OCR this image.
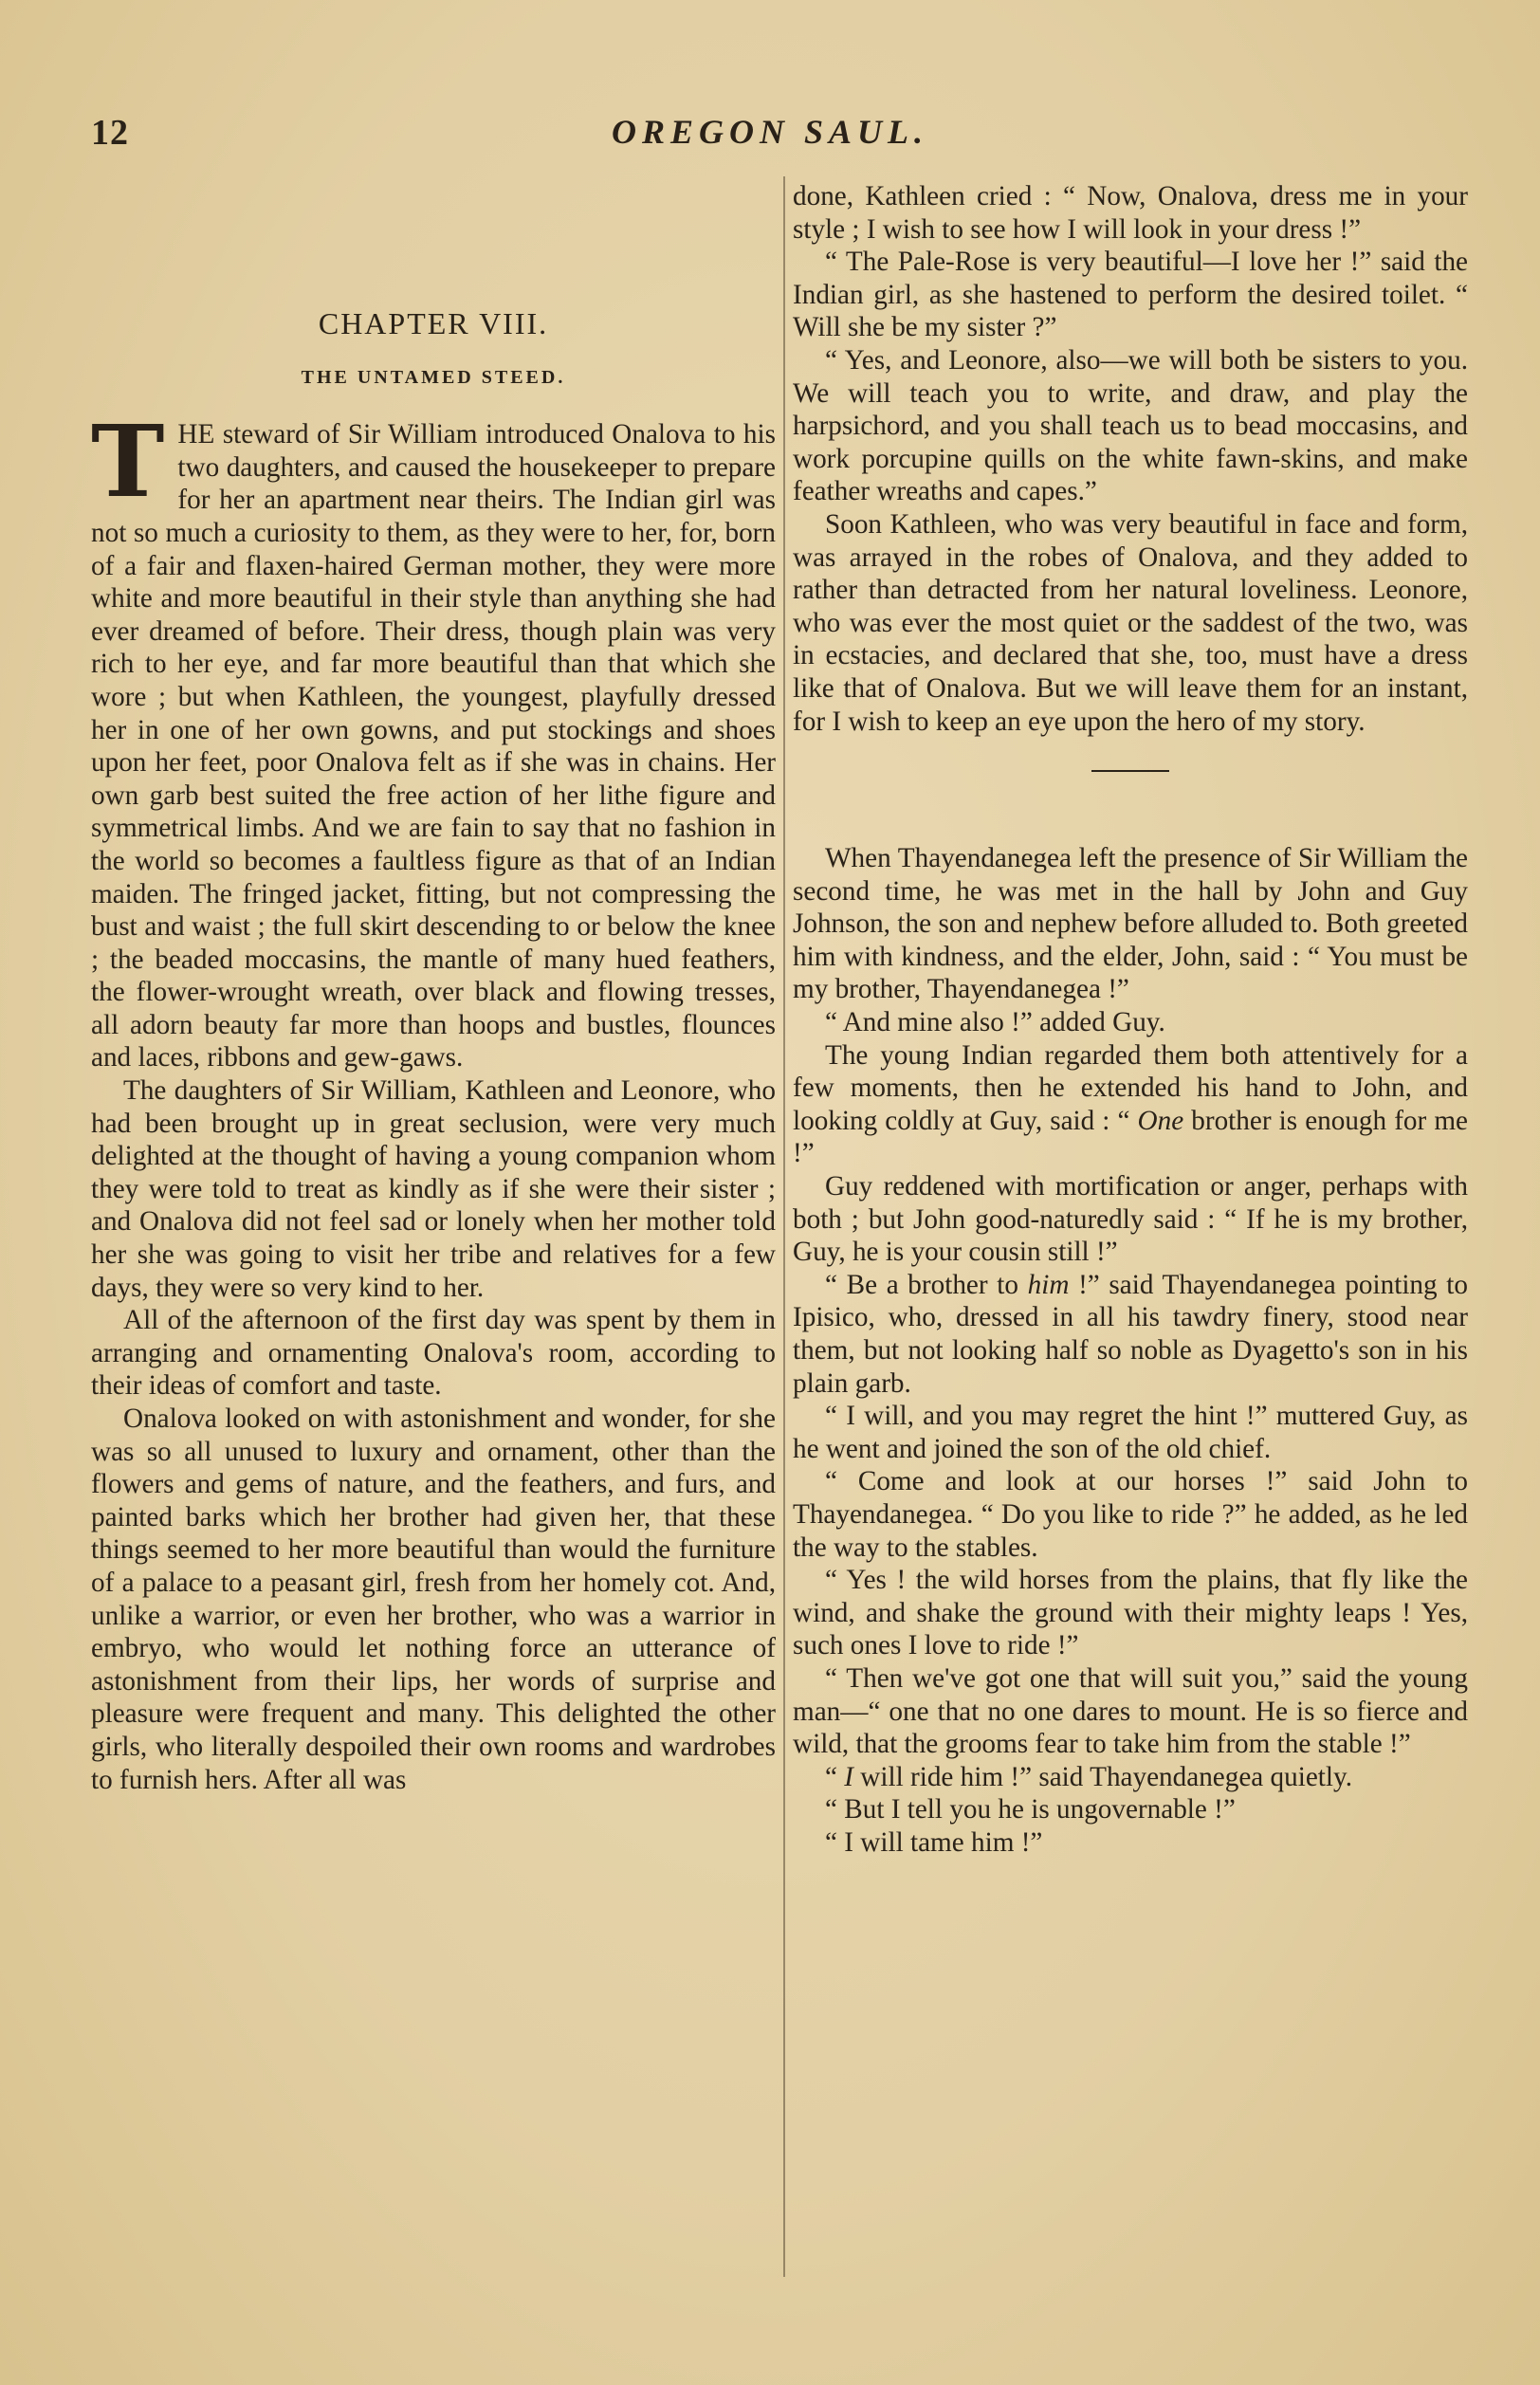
12	OREGON SAUL.
CHAPTER VIII.
THE UNTAMED STEED.

THE steward of Sir William introduced Onalova to his two daughters, and caused the housekeeper to prepare for her an apartment near theirs. The Indian girl was not so much a curiosity to them, as they were to her, for, born of a fair and flaxen-haired German mother, they were more white and more beautiful in their style than anything she had ever dreamed of before. Their dress, though plain was very rich to her eye, and far more beautiful than that which she wore ; but when Kathleen, the youngest, playfully dressed her in one of her own gowns, and put stockings and shoes upon her feet, poor Onalova felt as if she was in chains. Her own garb best suited the free action of her lithe figure and symmetrical limbs. And we are fain to say that no fashion in the world so becomes a faultless figure as that of an Indian maiden. The fringed jacket, fitting, but not compressing the bust and waist ; the full skirt descending to or below the knee ; the beaded moccasins, the mantle of many hued feathers, the flower-wrought wreath, over black and flowing tresses, all adorn beauty far more than hoops and bustles, flounces and laces, ribbons and gew-gaws.

The daughters of Sir William, Kathleen and Leonore, who had been brought up in great seclusion, were very much delighted at the thought of having a young companion whom they were told to treat as kindly as if she were their sister ; and Onalova did not feel sad or lonely when her mother told her she was going to visit her tribe and relatives for a few days, they were so very kind to her.

All of the afternoon of the first day was spent by them in arranging and ornamenting Onalova's room, according to their ideas of comfort and taste.

Onalova looked on with astonishment and wonder, for she was so all unused to luxury and ornament, other than the flowers and gems of nature, and the feathers, and furs, and painted barks which her brother had given her, that these things seemed to her more beautiful than would the furniture of a palace to a peasant girl, fresh from her homely cot. And, unlike a warrior, or even her brother, who was a warrior in embryo, who would let nothing force an utterance of astonishment from their lips, her words of surprise and pleasure were frequent and many. This delighted the other girls, who literally despoiled their own rooms and wardrobes to furnish hers. After all was

done, Kathleen cried : “ Now, Onalova, dress me in your style ; I wish to see how I will look in your dress !”

“ The Pale-Rose is very beautiful—I love her !” said the Indian girl, as she hastened to perform the desired toilet. “ Will she be my sister ?”

“ Yes, and Leonore, also—we will both be sisters to you. We will teach you to write, and draw, and play the harpsichord, and you shall teach us to bead moccasins, and work porcupine quills on the white fawn-skins, and make feather wreaths and capes.”

Soon Kathleen, who was very beautiful in face and form, was arrayed in the robes of Onalova, and they added to rather than detracted from her natural loveliness. Leonore, who was ever the most quiet or the saddest of the two, was in ecstacies, and declared that she, too, must have a dress like that of Onalova. But we will leave them for an instant, for I wish to keep an eye upon the hero of my story.

When Thayendanegea left the presence of Sir William the second time, he was met in the hall by John and Guy Johnson, the son and nephew before alluded to. Both greeted him with kindness, and the elder, John, said : “ You must be my brother, Thayendanegea !”

“ And mine also !” added Guy.

The young Indian regarded them both attentively for a few moments, then he extended his hand to John, and looking coldly at Guy, said : “ One brother is enough for me !”

Guy reddened with mortification or anger, perhaps with both ; but John good-naturedly said : “ If he is my brother, Guy, he is your cousin still !”

“ Be a brother to him !” said Thayendanegea pointing to Ipisico, who, dressed in all his tawdry finery, stood near them, but not looking half so noble as Dyagetto's son in his plain garb.

“ I will, and you may regret the hint !” muttered Guy, as he went and joined the son of the old chief.

“ Come and look at our horses !” said John to Thayendanegea. “ Do you like to ride ?” he added, as he led the way to the stables.

“ Yes ! the wild horses from the plains, that fly like the wind, and shake the ground with their mighty leaps ! Yes, such ones I love to ride !”

“ Then we've got one that will suit you,” said the young man—“ one that no one dares to mount. He is so fierce and wild, that the grooms fear to take him from the stable !”

“ I will ride him !” said Thayendanegea quietly.

“ But I tell you he is ungovernable !”

“ I will tame him !”
